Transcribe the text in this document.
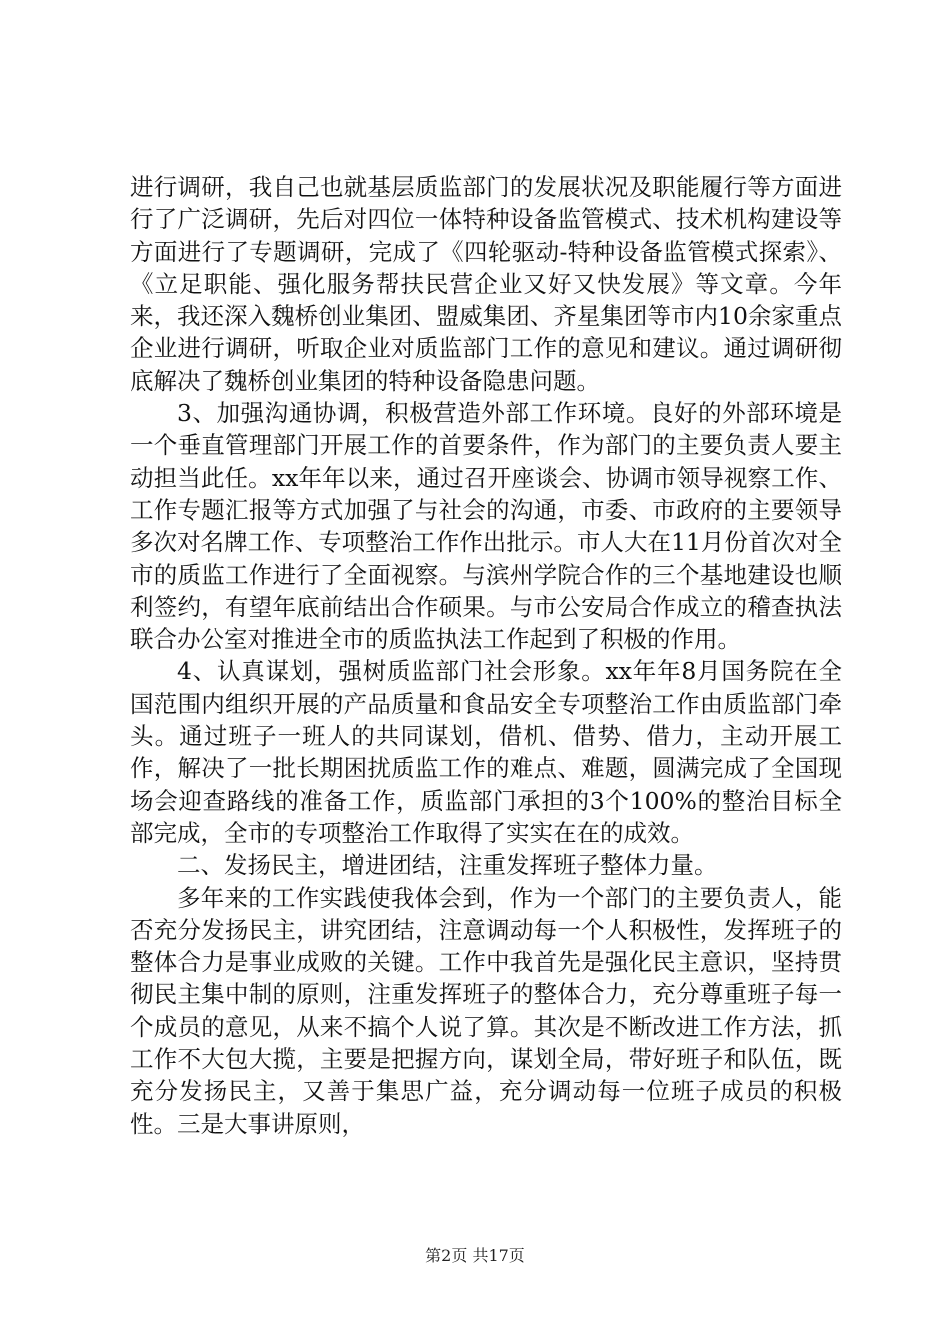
进行调研，我自己也就基层质监部门的发展状况及职能履行等方面进行了广泛调研，先后对四位一体特种设备监管模式、技术机构建设等方面进行了专题调研，完成了《四轮驱动-特种设备监管模式探索》、《立足职能、强化服务帮扶民营企业又好又快发展》等文章。今年来，我还深入魏桥创业集团、盟威集团、齐星集团等市内10余家重点企业进行调研，听取企业对质监部门工作的意见和建议。通过调研彻底解决了魏桥创业集团的特种设备隐患问题。

3、加强沟通协调，积极营造外部工作环境。良好的外部环境是一个垂直管理部门开展工作的首要条件，作为部门的主要负责人要主动担当此任。xx年年以来，通过召开座谈会、协调市领导视察工作、工作专题汇报等方式加强了与社会的沟通，市委、市政府的主要领导多次对名牌工作、专项整治工作作出批示。市人大在11月份首次对全市的质监工作进行了全面视察。与滨州学院合作的三个基地建设也顺利签约，有望年底前结出合作硕果。与市公安局合作成立的稽查执法联合办公室对推进全市的质监执法工作起到了积极的作用。

4、认真谋划，强树质监部门社会形象。xx年年8月国务院在全国范围内组织开展的产品质量和食品安全专项整治工作由质监部门牵头。通过班子一班人的共同谋划，借机、借势、借力，主动开展工作，解决了一批长期困扰质监工作的难点、难题，圆满完成了全国现场会迎查路线的准备工作，质监部门承担的3个100%的整治目标全部完成，全市的专项整治工作取得了实实在在的成效。

二、发扬民主，增进团结，注重发挥班子整体力量。

多年来的工作实践使我体会到，作为一个部门的主要负责人，能否充分发扬民主，讲究团结，注意调动每一个人积极性，发挥班子的整体合力是事业成败的关键。工作中我首先是强化民主意识，坚持贯彻民主集中制的原则，注重发挥班子的整体合力，充分尊重班子每一个成员的意见，从来不搞个人说了算。其次是不断改进工作方法，抓工作不大包大揽，主要是把握方向，谋划全局，带好班子和队伍，既充分发扬民主，又善于集思广益，充分调动每一位班子成员的积极性。三是大事讲原则，

第2页 共17页
